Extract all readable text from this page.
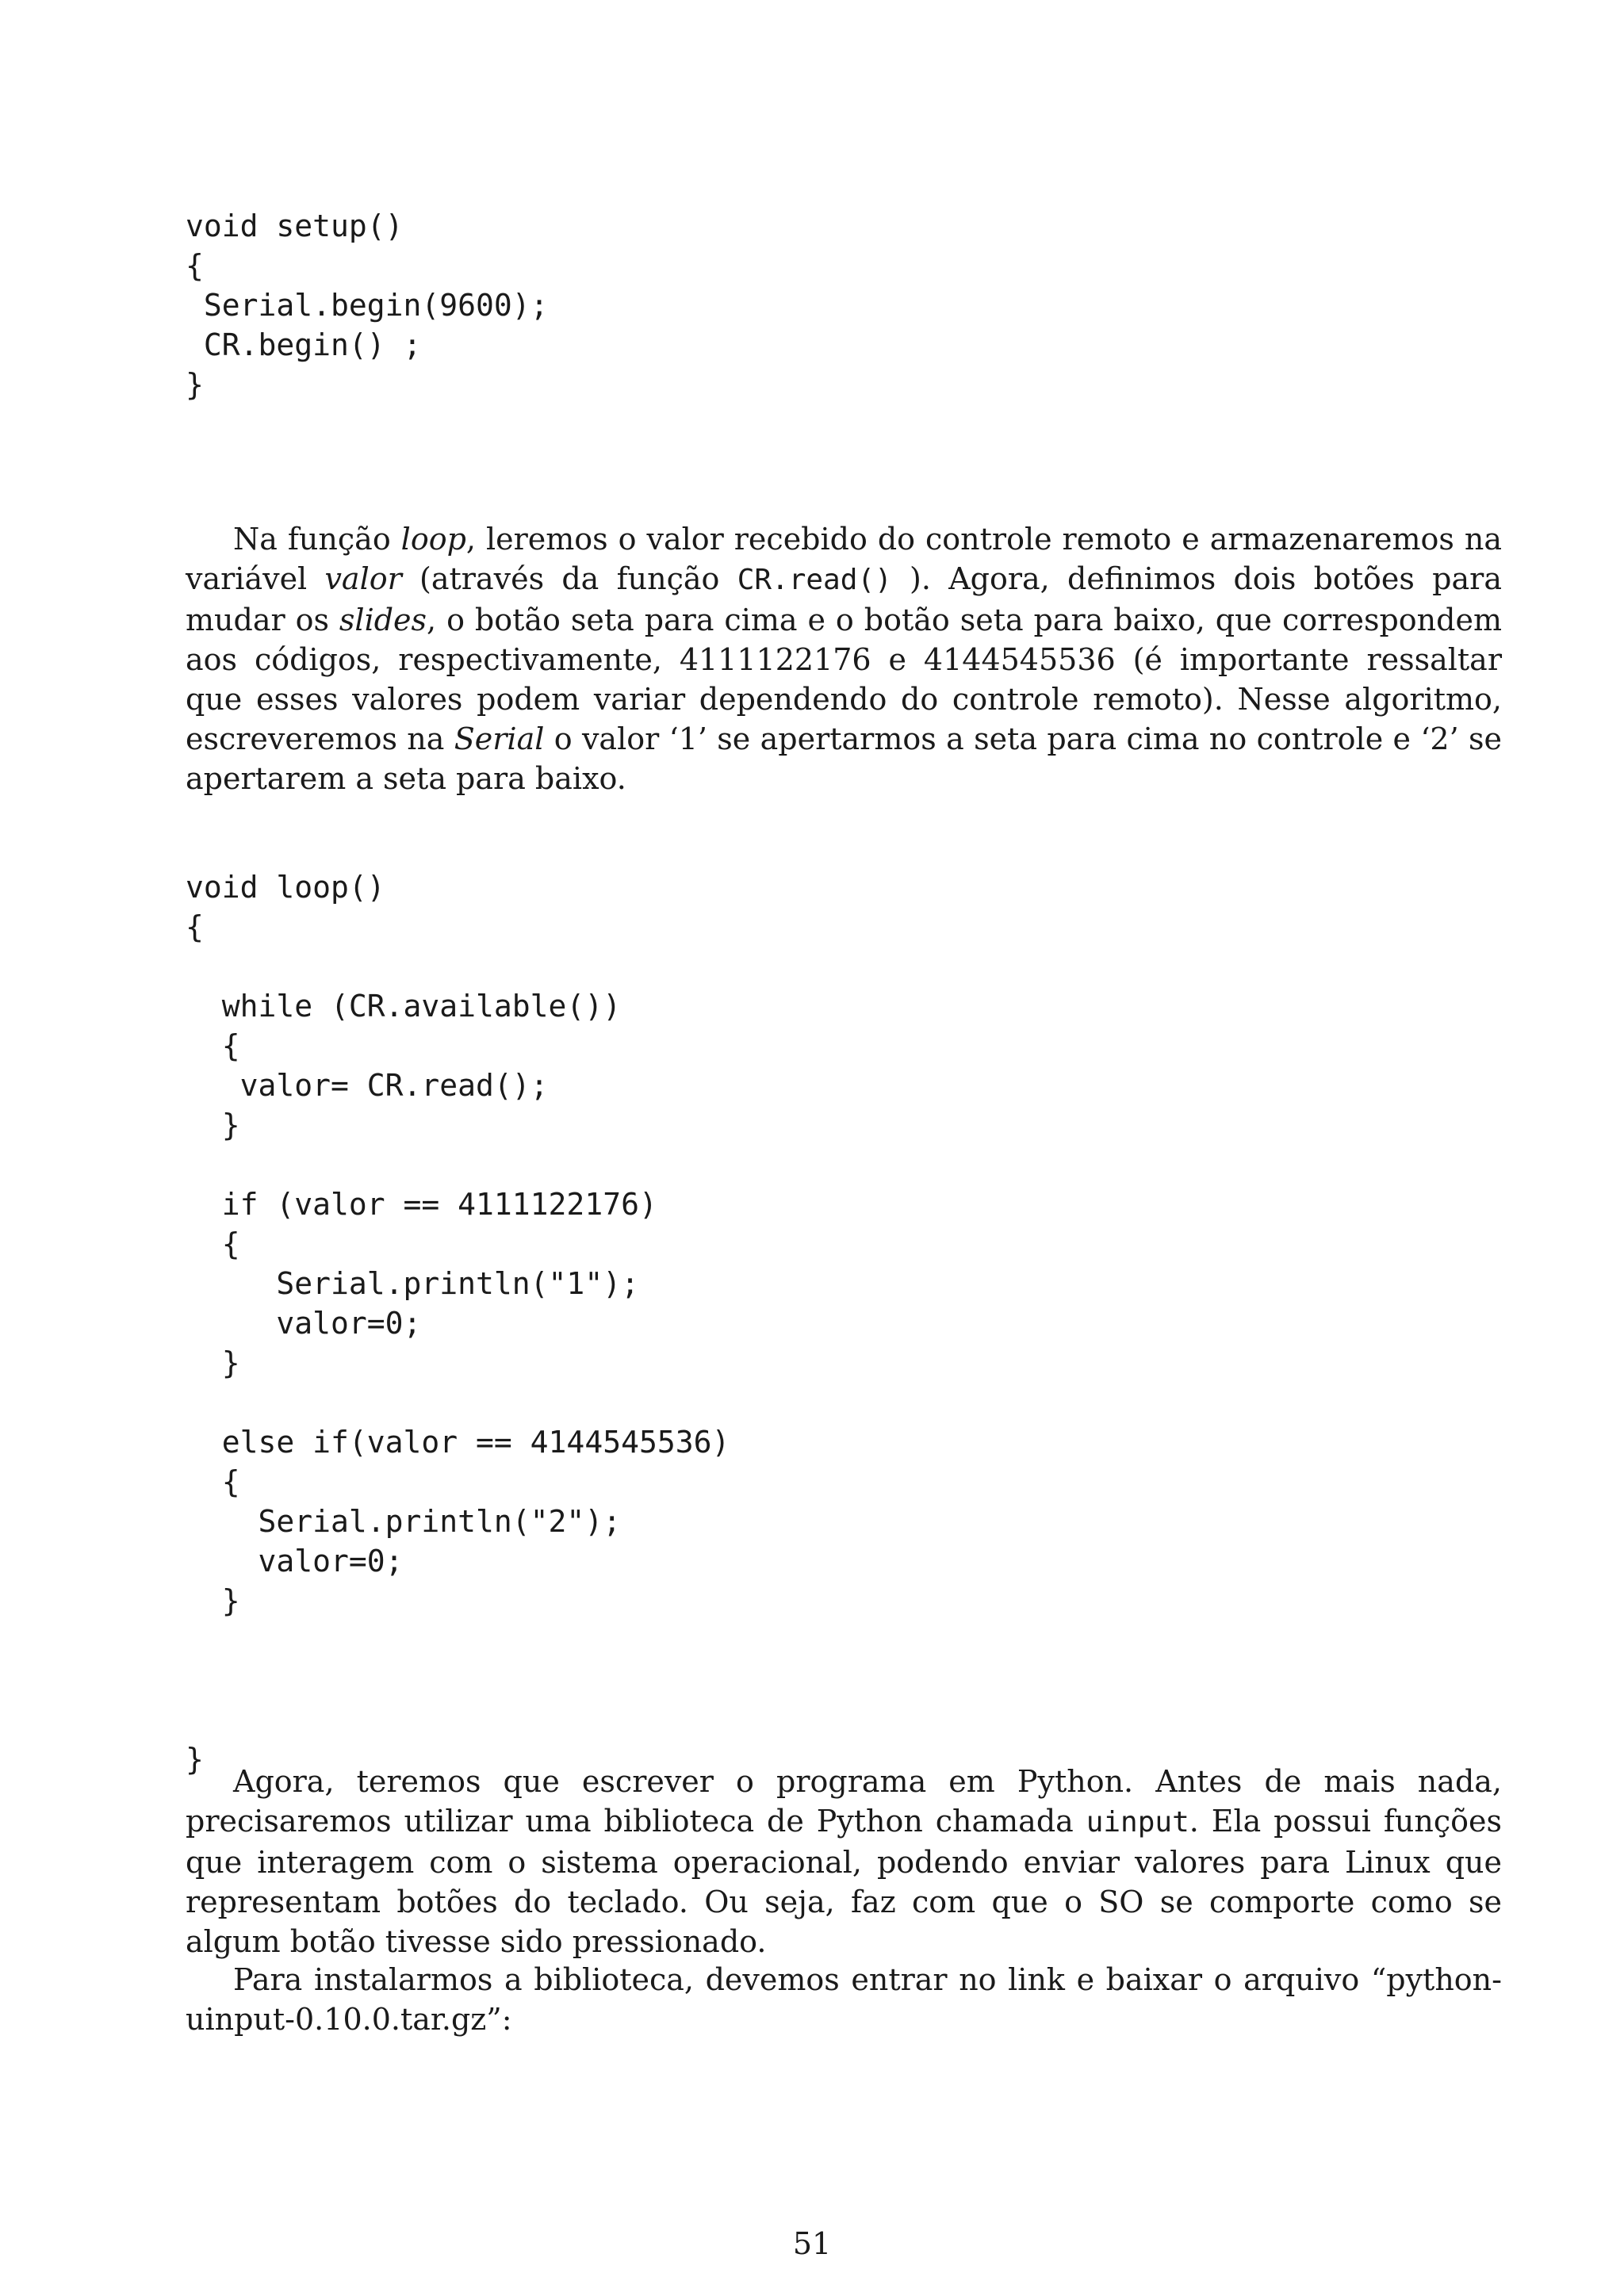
void setup()
{
Serial.begin(9600);
CR.begin() ;
}

Na função loop, leremos o valor recebido do controle remoto e armazenaremos na variável valor (através da função CR.read() ). Agora, definimos dois botões para mudar os slides, o botão seta para cima e o botão seta para baixo, que correspondem aos códigos, respectivamente, 4111122176 e 4144545536 (é importante ressaltar que esses valores podem variar dependendo do controle remoto). Nesse algoritmo, escreveremos na Serial o valor ‘1’ se apertarmos a seta para cima no controle e ‘2’ se apertarem a seta para baixo.

void loop()
{

while (CR.available())
{
valor= CR.read();
}

if (valor == 4111122176)
{
Serial.println("1");
valor=0;
}

else if(valor == 4144545536)
{
Serial.println("2");
valor=0;
}

}

Agora, teremos que escrever o programa em Python. Antes de mais nada, precisaremos utilizar uma biblioteca de Python chamada uinput. Ela possui funções que interagem com o sistema operacional, podendo enviar valores para Linux que representam botões do teclado. Ou seja, faz com que o SO se comporte como se algum botão tivesse sido pressionado.

Para instalarmos a biblioteca, devemos entrar no link e baixar o arquivo “python-uinput-0.10.0.tar.gz”:

51
